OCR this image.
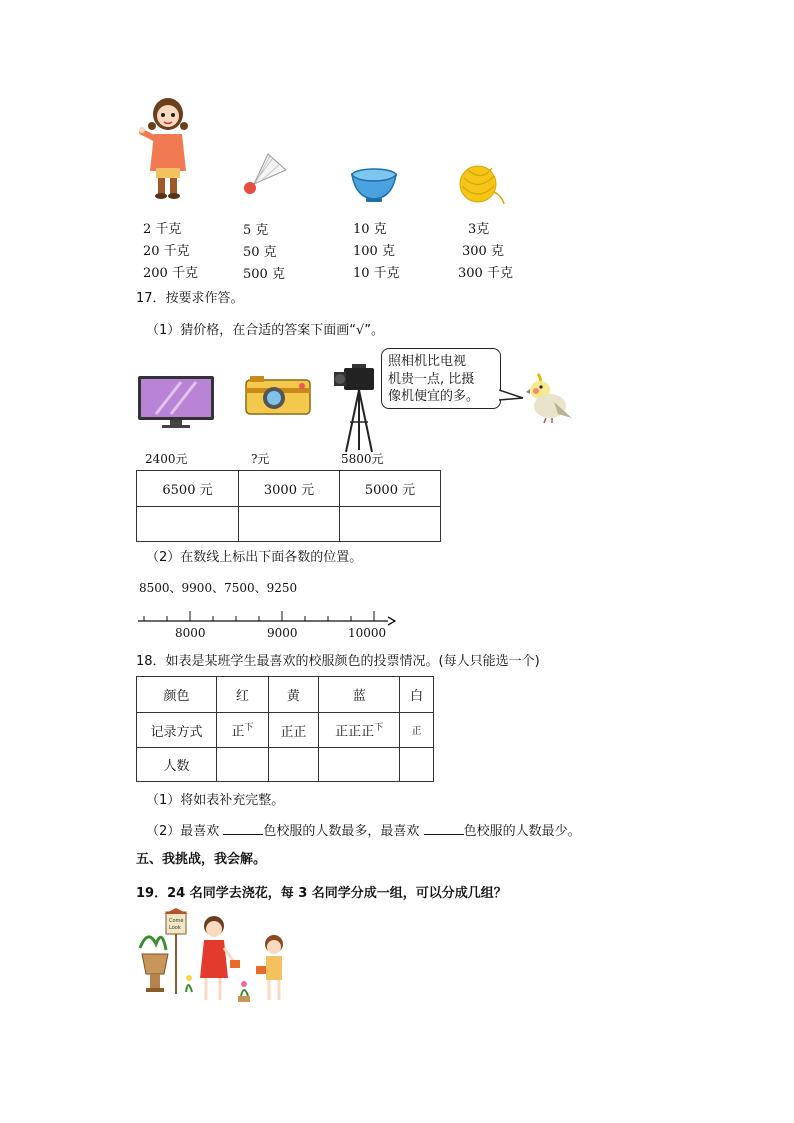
2 千克
20 千克
200 千克
5 克
50 克
500 克
10 克
100 克
10 千克
3克
300 克
300 千克
17．按要求作答。
（1）猜价格，在合适的答案下面画“√”。
照相机比电视
机贵一点, 比摄
像机便宜的多。
2400元	?元	5800元
6500 元	3000 元	5000 元

（2）在数线上标出下面各数的位置。
8500、9900、7500、9250
8000	9000	10000
18．如表是某班学生最喜欢的校服颜色的投票情况。(每人只能选一个)
颜色	红	黄	蓝	白
记录方式	正$^下$	正正	正正正$^下$	正
人数				
（1）将如表补充完整。
（2）最喜欢	色校服的人数最多，最喜欢	色校服的人数最少。
五、我挑战，我会解。
19．24 名同学去浇花，每 3 名同学分成一组，可以分成几组？
Come
Look
